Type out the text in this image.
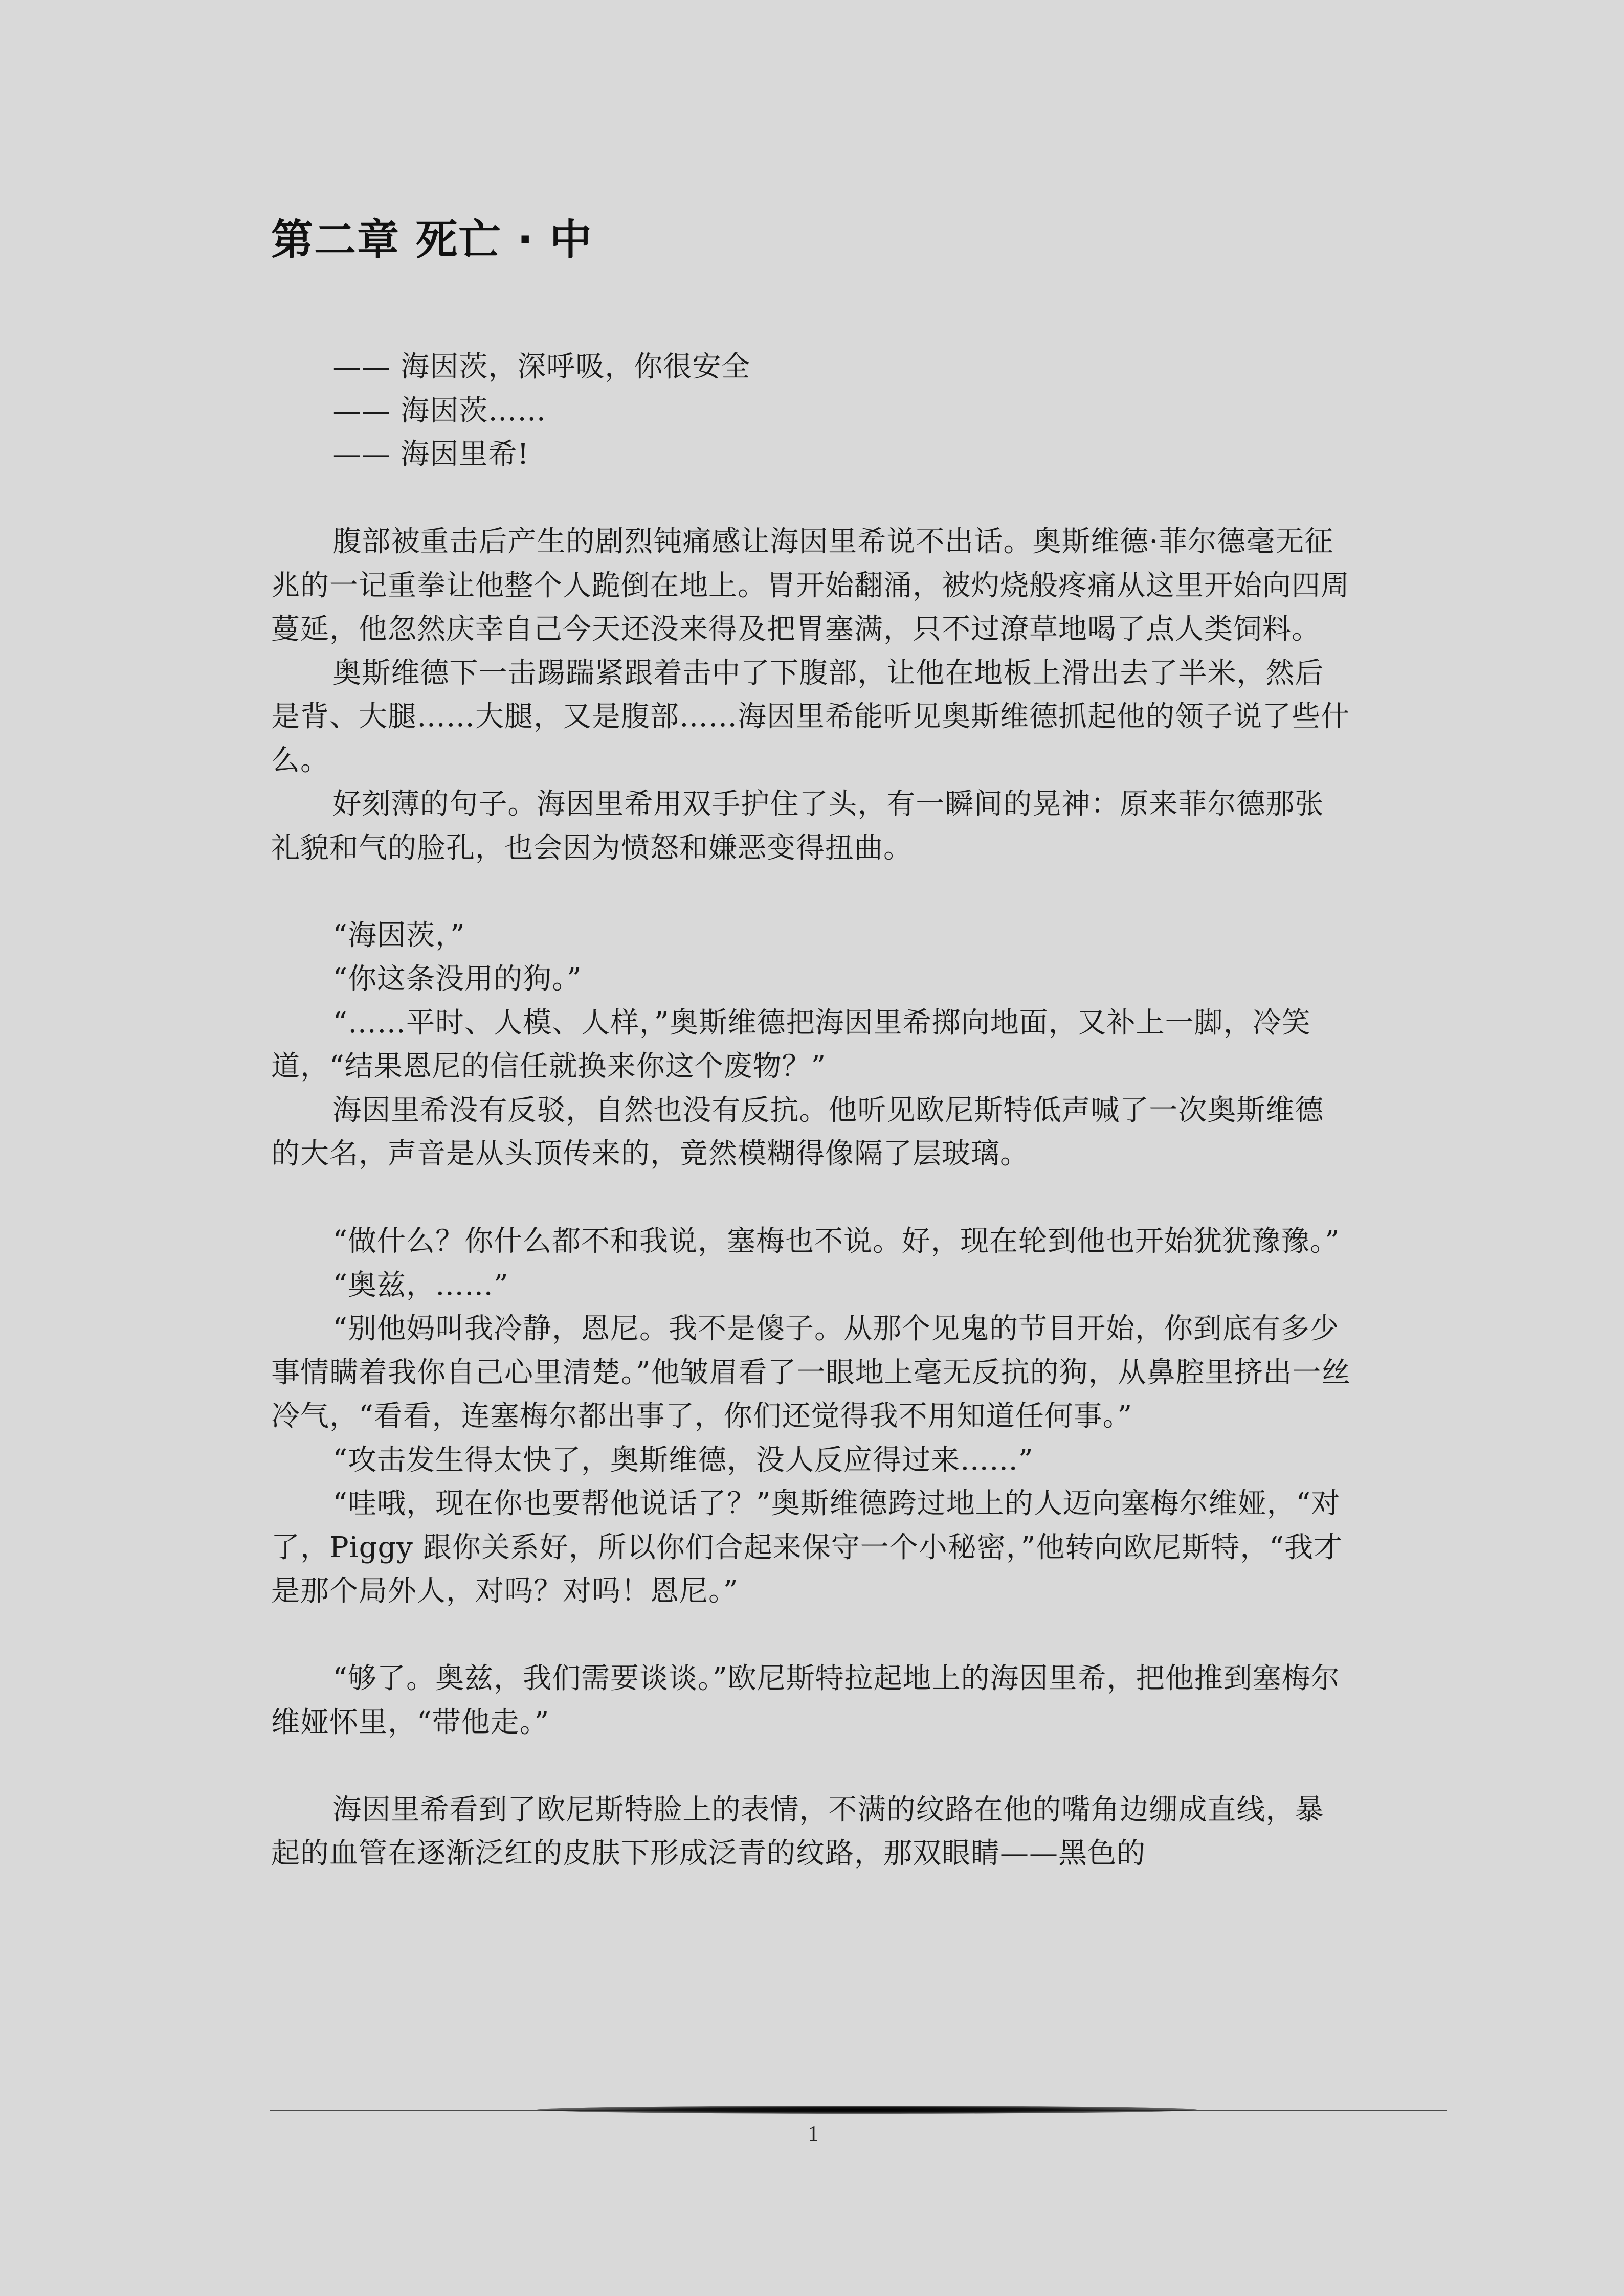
第二章 死亡 · 中

—— 海因茨，深呼吸，你很安全

—— 海因茨……

—— 海因里希!

腹部被重击后产生的剧烈钝痛感让海因里希说不出话。奥斯维德·菲尔德毫无征兆的一记重拳让他整个人跪倒在地上。胃开始翻涌，被灼烧般疼痛从这里开始向四周蔓延，他忽然庆幸自己今天还没来得及把胃塞满，只不过潦草地喝了点人类饲料。

奥斯维德下一击踢踹紧跟着击中了下腹部，让他在地板上滑出去了半米，然后是背、大腿……大腿，又是腹部……海因里希能听见奥斯维德抓起他的领子说了些什么。

好刻薄的句子。海因里希用双手护住了头，有一瞬间的晃神：原来菲尔德那张礼貌和气的脸孔，也会因为愤怒和嫌恶变得扭曲。

“海因茨，”

“你这条没用的狗。”

“……平时、人模、人样，”奥斯维德把海因里希掷向地面，又补上一脚，冷笑道，“结果恩尼的信任就换来你这个废物？”

海因里希没有反驳，自然也没有反抗。他听见欧尼斯特低声喊了一次奥斯维德的大名，声音是从头顶传来的，竟然模糊得像隔了层玻璃。

“做什么？你什么都不和我说，塞梅也不说。好，现在轮到他也开始犹犹豫豫。”

“奥兹，……”

“别他妈叫我冷静，恩尼。我不是傻子。从那个见鬼的节目开始，你到底有多少事情瞒着我你自己心里清楚。”他皱眉看了一眼地上毫无反抗的狗，从鼻腔里挤出一丝冷气，“看看，连塞梅尔都出事了，你们还觉得我不用知道任何事。”

“攻击发生得太快了，奥斯维德，没人反应得过来……”

“哇哦，现在你也要帮他说话了？”奥斯维德跨过地上的人迈向塞梅尔维娅，“对了，Piggy 跟你关系好，所以你们合起来保守一个小秘密，”他转向欧尼斯特，“我才是那个局外人，对吗？对吗！恩尼。”

“够了。奥兹，我们需要谈谈。”欧尼斯特拉起地上的海因里希，把他推到塞梅尔维娅怀里，“带他走。”

海因里希看到了欧尼斯特脸上的表情，不满的纹路在他的嘴角边绷成直线，暴起的血管在逐渐泛红的皮肤下形成泛青的纹路，那双眼睛——黑色的

1
